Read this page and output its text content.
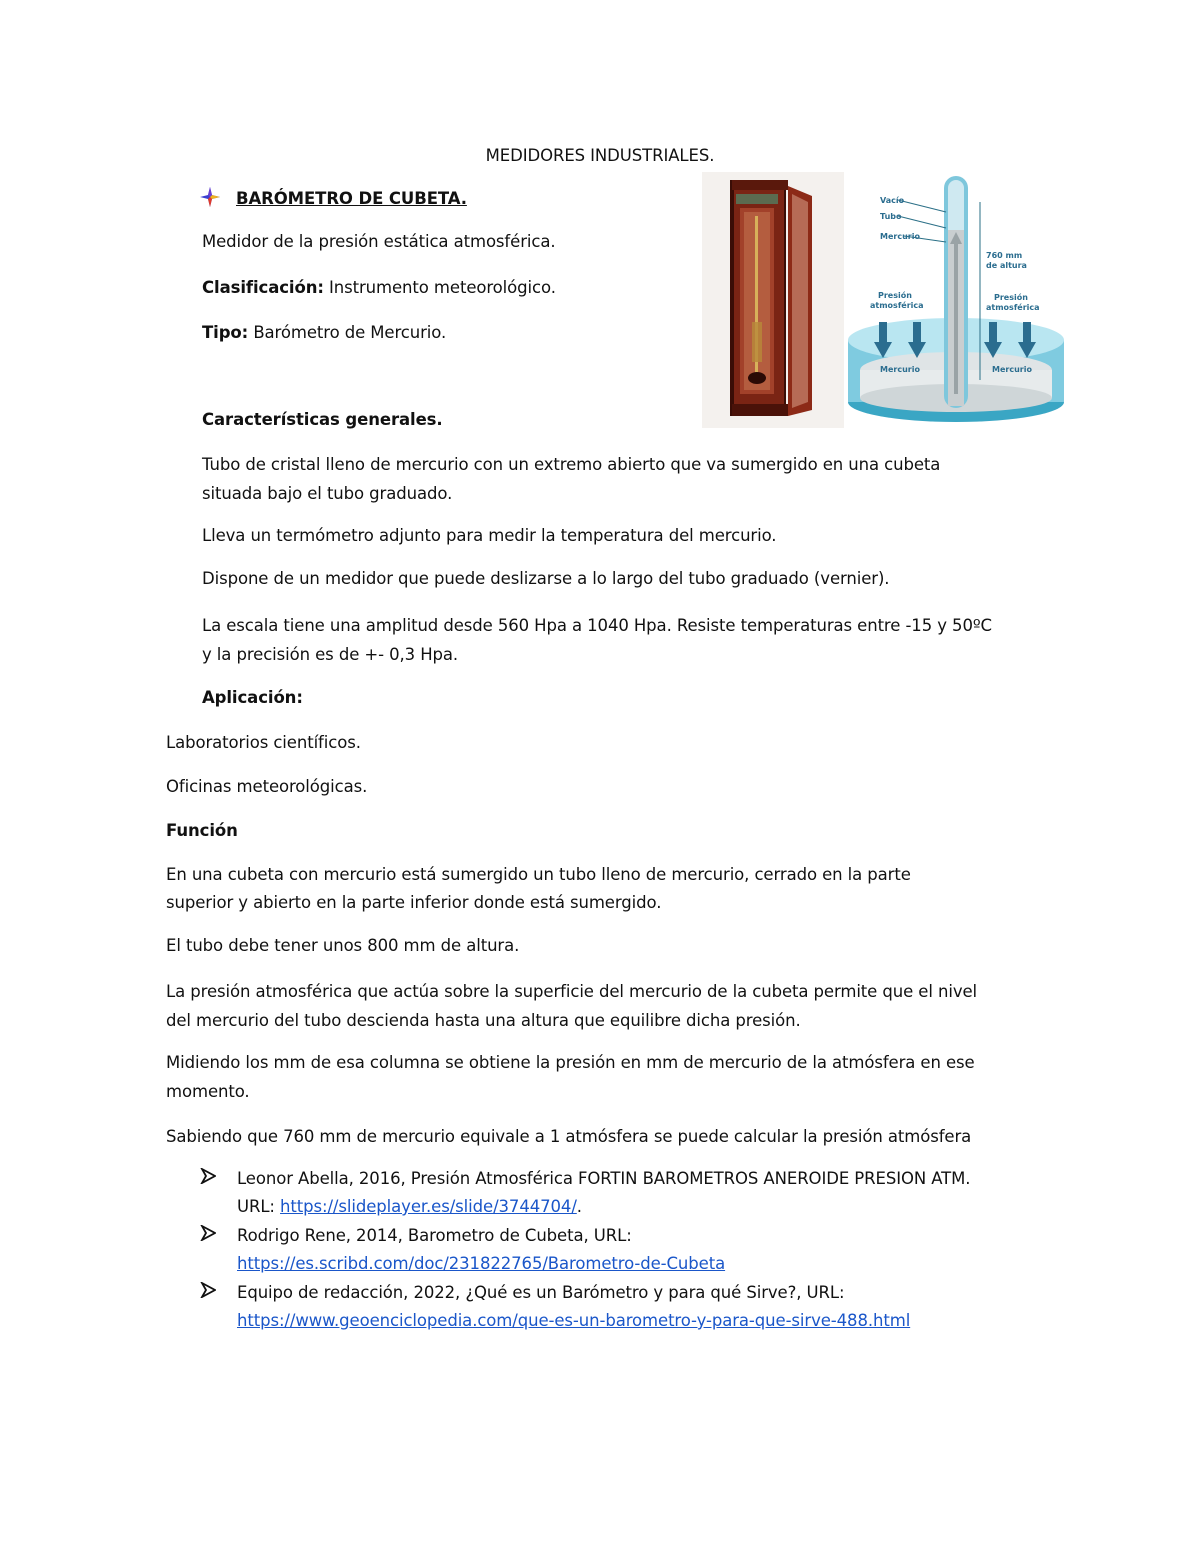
MEDIDORES INDUSTRIALES.
BARÓMETRO DE CUBETA.
Medidor de la presión estática atmosférica.
Clasificación: Instrumento meteorológico.
Tipo: Barómetro de Mercurio.
Características generales.
Tubo de cristal lleno de mercurio con un extremo abierto que va sumergido en una cubeta
situada bajo el tubo graduado.
Lleva un termómetro adjunto para medir la temperatura del mercurio.
Dispone de un medidor que puede deslizarse a lo largo del tubo graduado (vernier).
La escala tiene una amplitud desde 560 Hpa a 1040 Hpa. Resiste temperaturas entre -15 y 50ºC
y la precisión es de +- 0,3 Hpa.
Aplicación:
Laboratorios científicos.
Oficinas meteorológicas.
Función
En una cubeta con mercurio está sumergido un tubo lleno de mercurio, cerrado en la parte
superior y abierto en la parte inferior donde está sumergido.
El tubo debe tener unos 800 mm de altura.
La presión atmosférica que actúa sobre la superficie del mercurio de la cubeta permite que el nivel
del mercurio del tubo descienda hasta una altura que equilibre dicha presión.
Midiendo los mm de esa columna se obtiene la presión en mm de mercurio de la atmósfera en ese
momento.
Sabiendo que 760 mm de mercurio equivale a 1 atmósfera se puede calcular la presión atmósfera
Leonor Abella, 2016, Presión Atmosférica FORTIN BAROMETROS ANEROIDE PRESION ATM.
URL: https://slideplayer.es/slide/3744704/.
Rodrigo Rene, 2014, Barometro de Cubeta, URL:
https://es.scribd.com/doc/231822765/Barometro-de-Cubeta
Equipo de redacción, 2022, ¿Qué es un Barómetro y para qué Sirve?, URL:
https://www.geoenciclopedia.com/que-es-un-barometro-y-para-que-sirve-488.html
Vacío
Tubo
Mercurio
760 mm
de altura
Presión
atmosférica
Presión
atmosférica
Mercurio	Mercurio
